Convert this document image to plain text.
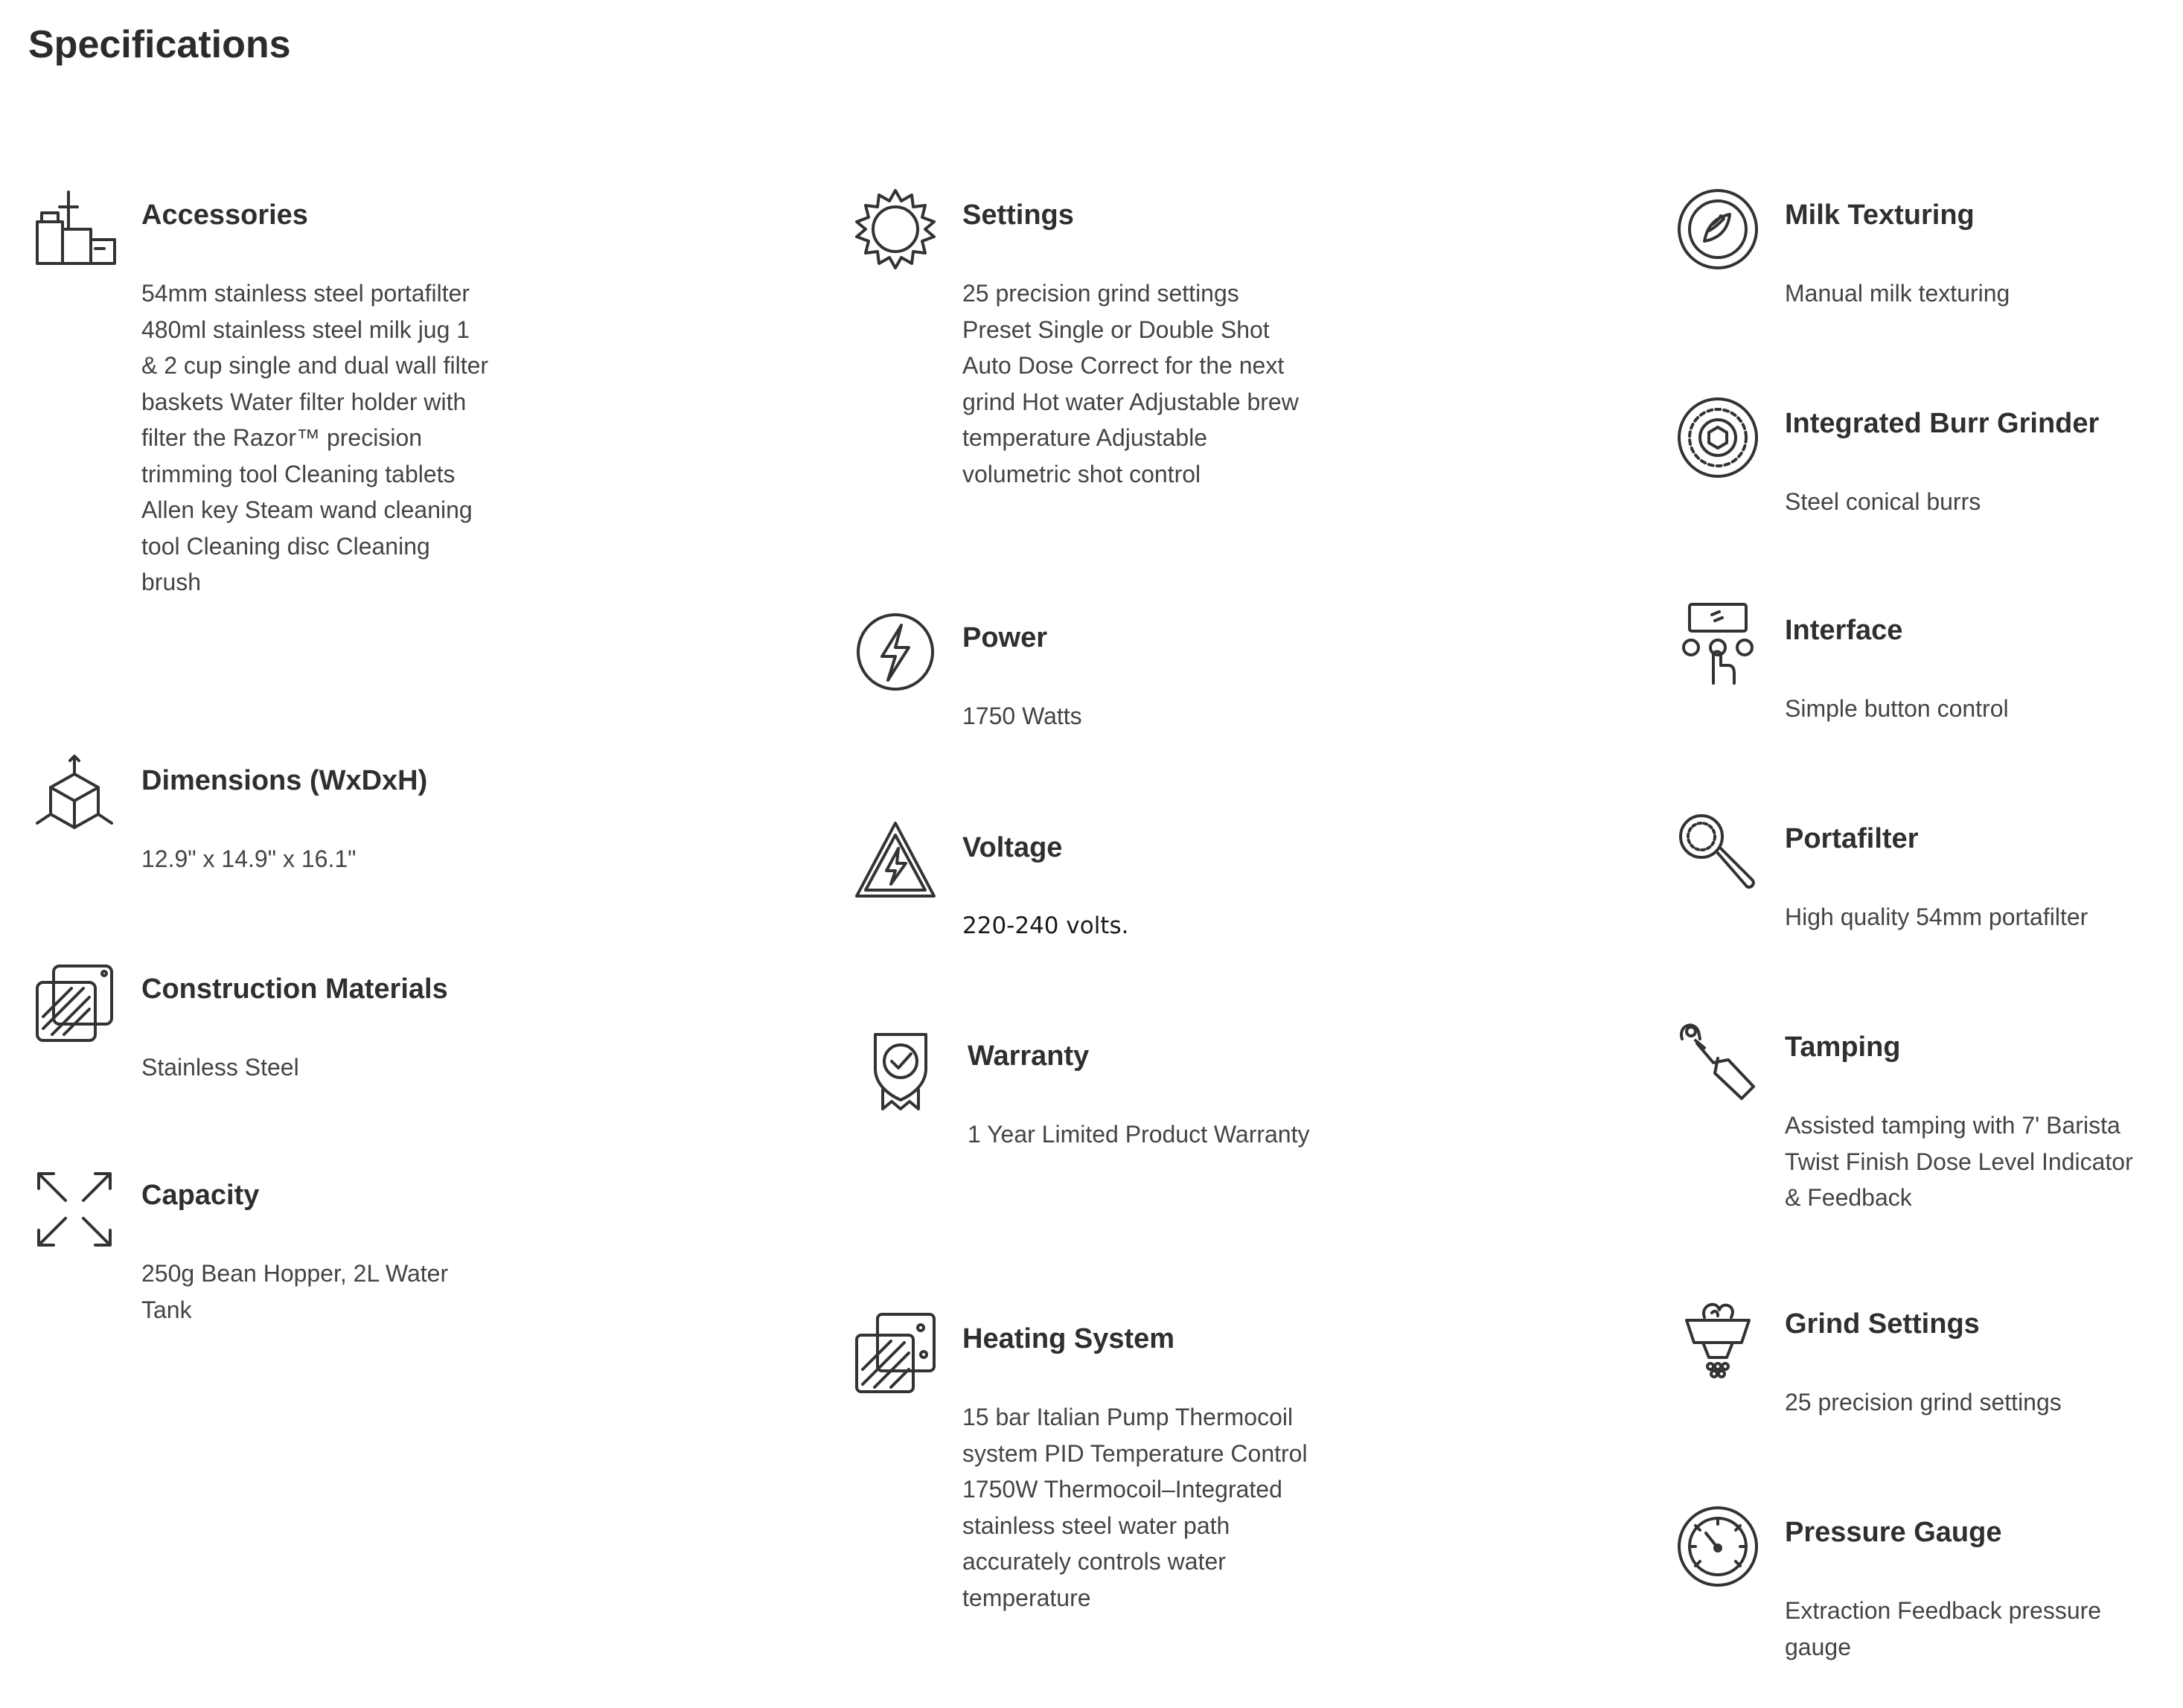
Specifications
Accessories
54mm stainless steel portafilter 480ml stainless steel milk jug 1 & 2 cup single and dual wall filter baskets Water filter holder with filter the Razor™ precision trimming tool Cleaning tablets Allen key Steam wand cleaning tool Cleaning disc Cleaning brush
Dimensions (WxDxH)
12.9" x 14.9" x 16.1"
Construction Materials
Stainless Steel
Capacity
250g Bean Hopper, 2L Water Tank
Settings
25 precision grind settings Preset Single or Double Shot Auto Dose Correct for the next grind Hot water Adjustable brew temperature Adjustable volumetric shot control
Power
1750 Watts
Voltage
220-240 volts.
Warranty
1 Year Limited Product Warranty
Heating System
15 bar Italian Pump Thermocoil system PID Temperature Control 1750W Thermocoil–Integrated stainless steel water path accurately controls water temperature
Milk Texturing
Manual milk texturing
Integrated Burr Grinder
Steel conical burrs
Interface
Simple button control
Portafilter
High quality 54mm portafilter
Tamping
Assisted tamping with 7' Barista Twist Finish Dose Level Indicator & Feedback
Grind Settings
25 precision grind settings
Pressure Gauge
Extraction Feedback pressure gauge
